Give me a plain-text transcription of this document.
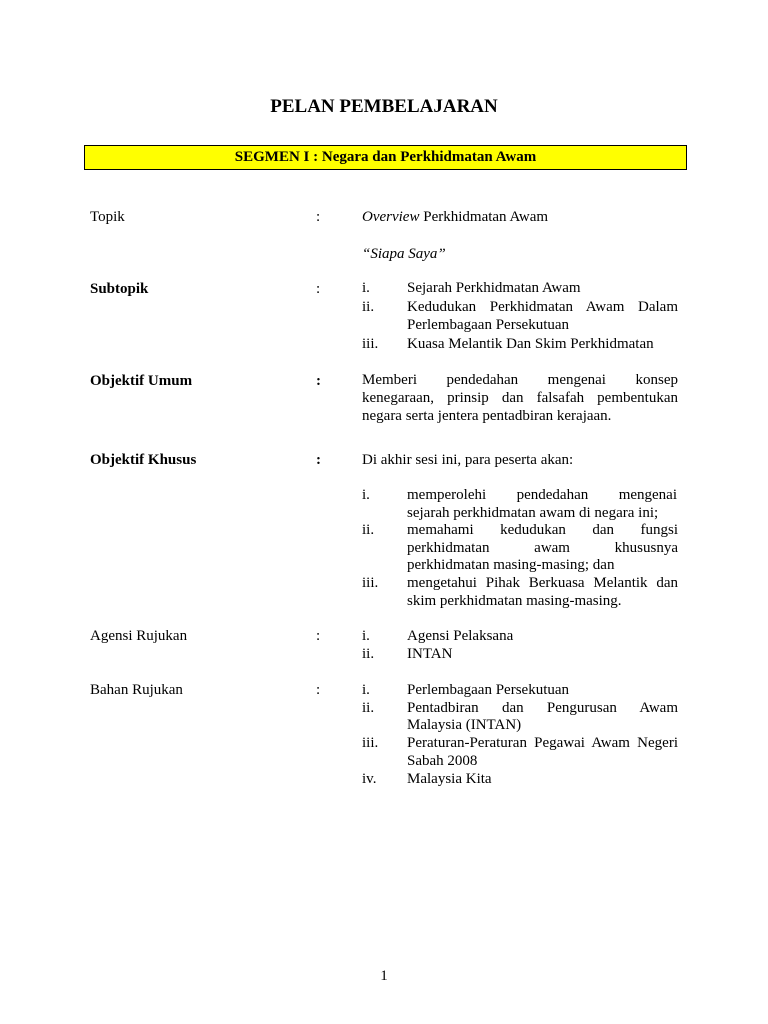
PELAN PEMBELAJARAN
SEGMEN I : Negara dan Perkhidmatan Awam
Topik	:	Overview Perkhidmatan Awam
“Siapa Saya”
Subtopik	:	i. Sejarah Perkhidmatan Awam
ii. Kedudukan Perkhidmatan Awam Dalam
Perlembagaan Persekutuan
iii. Kuasa Melantik Dan Skim Perkhidmatan
Objektif Umum	:	Memberi pendedahan mengenai konsep
kenegaraan, prinsip dan falsafah pembentukan
negara serta jentera pentadbiran kerajaan.
Objektif Khusus	:	Di akhir sesi ini, para peserta akan:
i. memperolehi pendedahan mengenai
sejarah perkhidmatan awam di negara ini;
ii. memahami kedudukan dan fungsi
perkhidmatan awam khususnya
perkhidmatan masing-masing; dan
iii. mengetahui Pihak Berkuasa Melantik dan
skim perkhidmatan masing-masing.
Agensi Rujukan	:	i. Agensi Pelaksana
ii. INTAN
Bahan Rujukan	:	i. Perlembagaan Persekutuan
ii. Pentadbiran dan Pengurusan Awam
Malaysia (INTAN)
iii. Peraturan-Peraturan Pegawai Awam Negeri
Sabah 2008
iv. Malaysia Kita
1
